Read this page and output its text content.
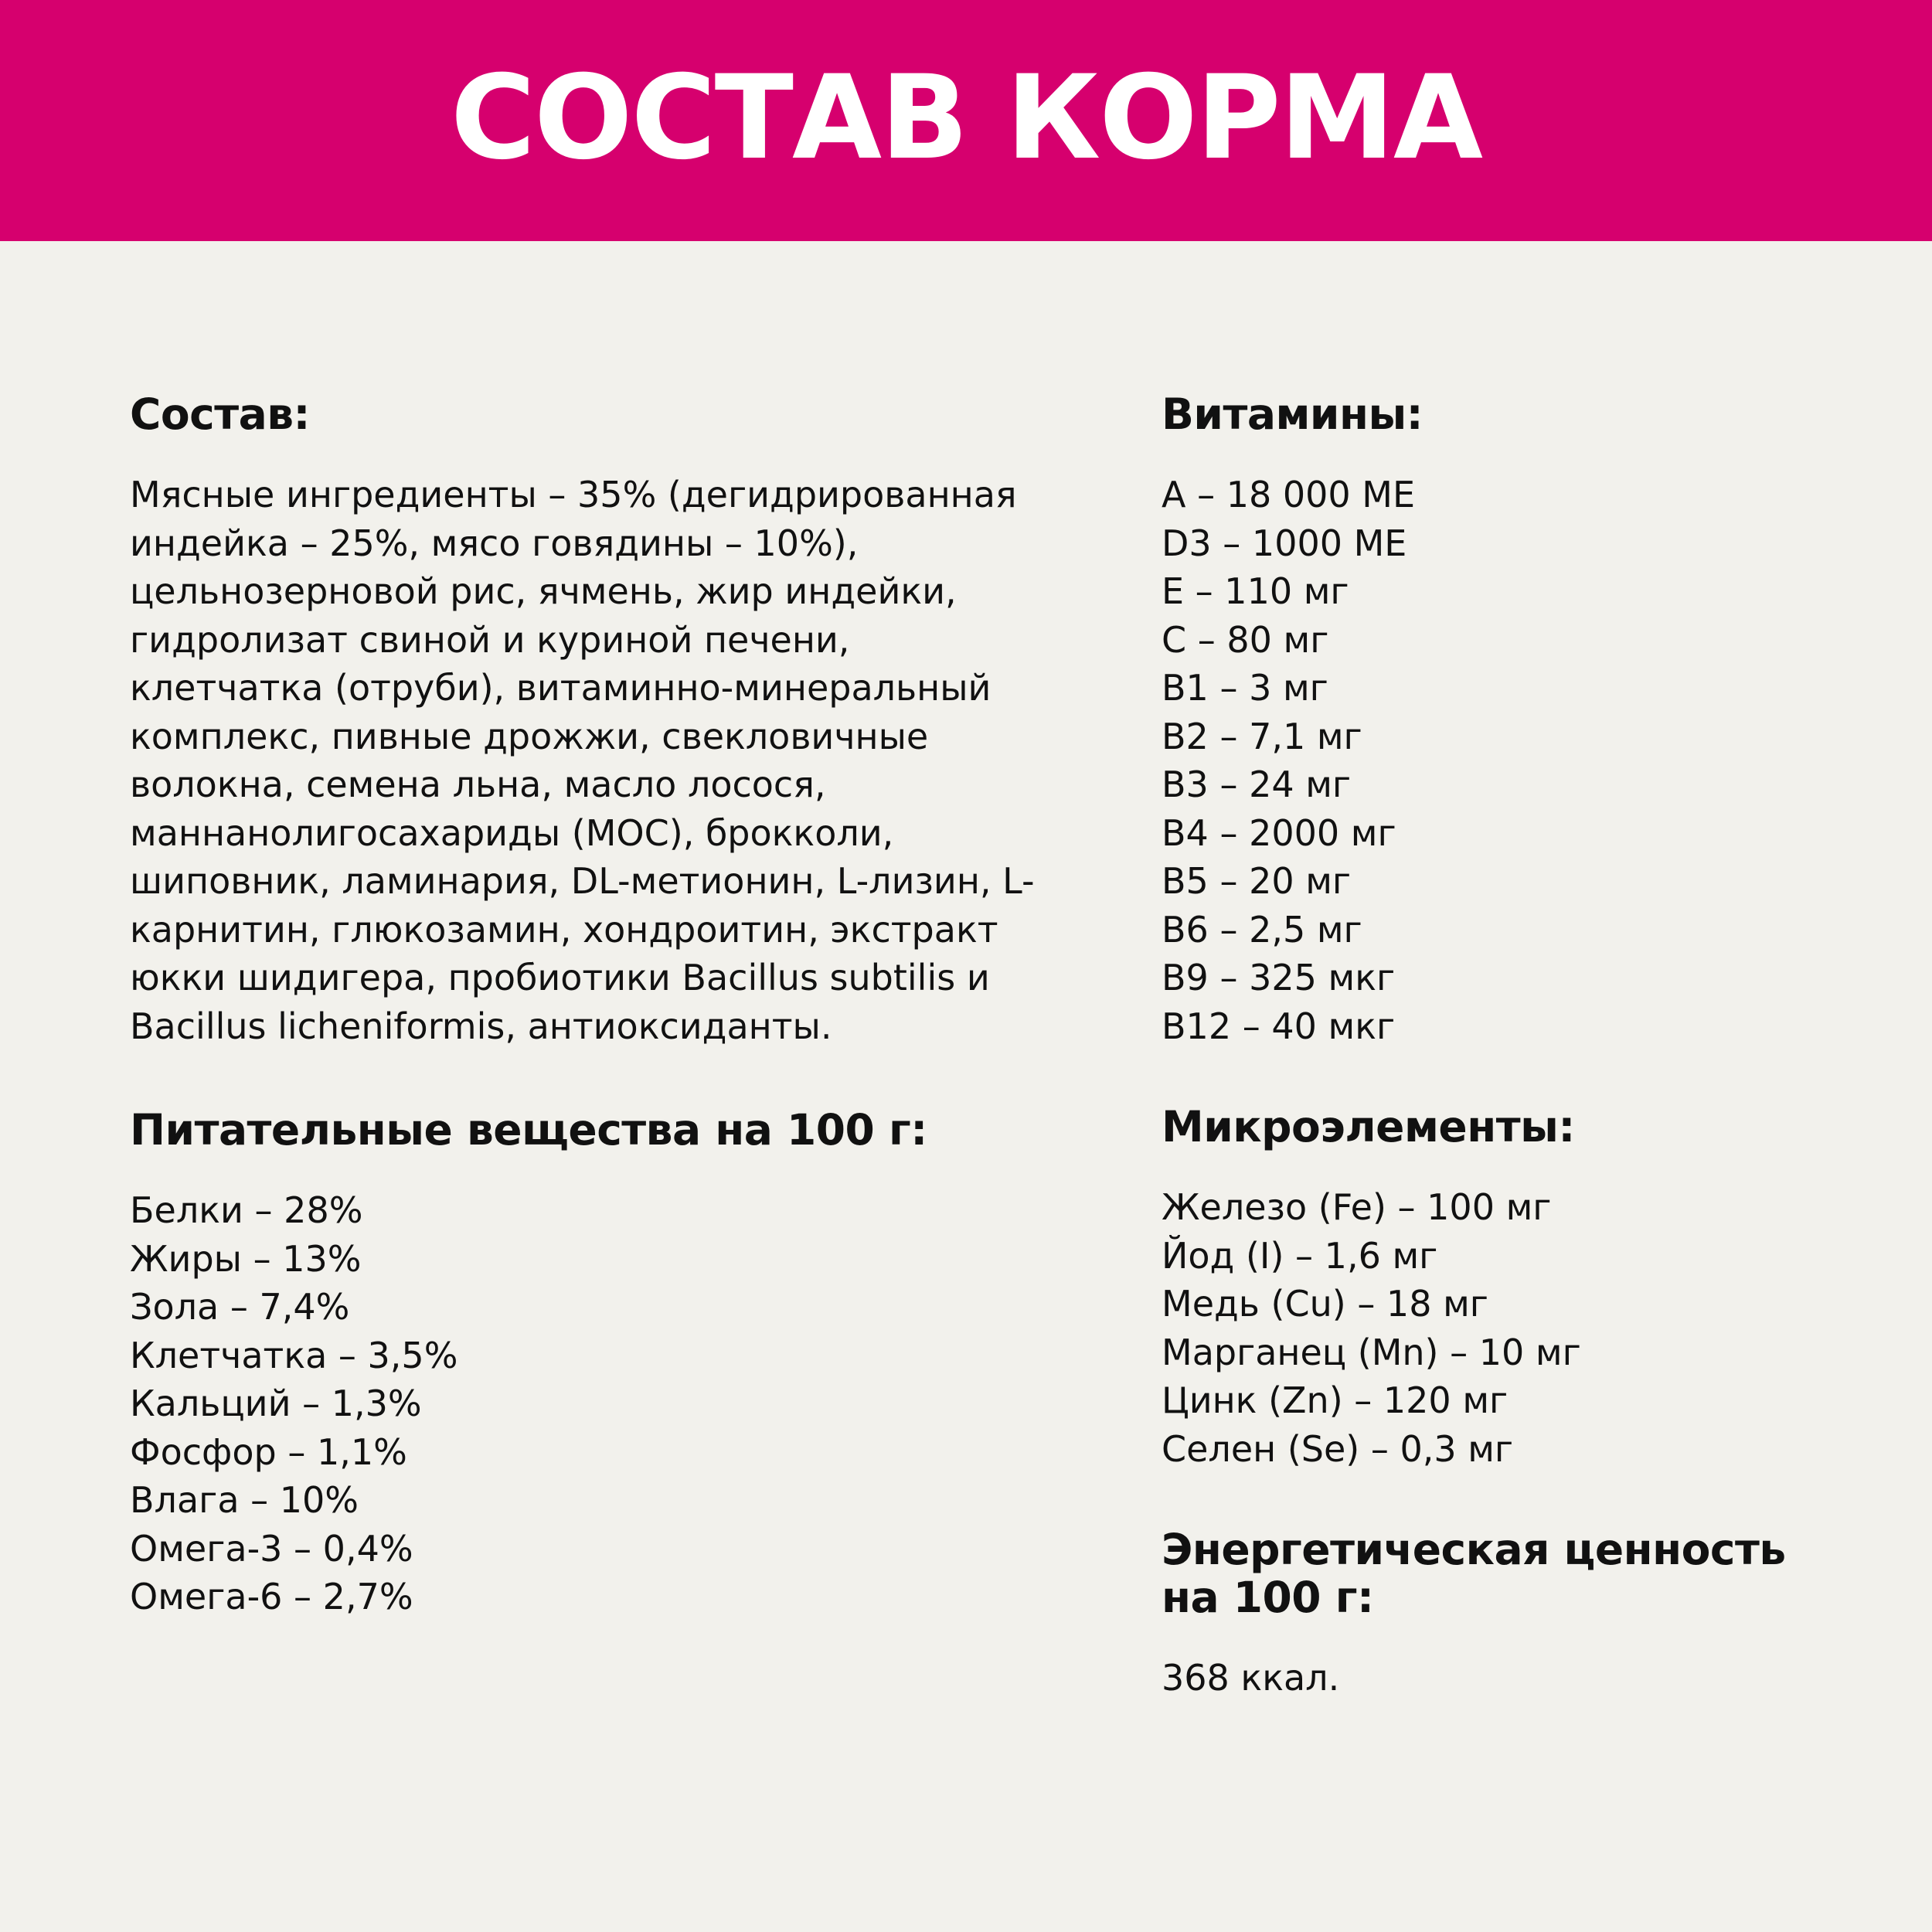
СОСТАВ КОРМА
Состав:

Мясные ингредиенты – 35% (дегидрированная индейка – 25%, мясо говядины – 10%), цельнозерновой рис, ячмень, жир индейки, гидролизат свиной и куриной печени, клетчатка (отруби), витаминно-минеральный комплекс, пивные дрожжи, свекловичные волокна, семена льна, масло лосося, маннанолигосахариды (МОС), брокколи, шиповник, ламинария, DL-метионин, L-лизин, L-карнитин, глюкозамин, хондроитин, экстракт юкки шидигера, пробиотики Bacillus subtilis и Bacillus licheniformis, антиоксиданты.

Питательные вещества на 100 г:
Белки – 28%
Жиры – 13%
Зола – 7,4%
Клетчатка – 3,5%
Кальций – 1,3%
Фосфор – 1,1%
Влага – 10%
Омега-3 – 0,4%
Омега-6 – 2,7%
Витамины:
A – 18 000 МЕ
D3 – 1000 МЕ
E – 110 мг
C – 80 мг
B1 – 3 мг
B2 – 7,1 мг
B3 – 24 мг
B4 – 2000 мг
B5 – 20 мг
B6 – 2,5 мг
B9 – 325 мкг
B12 – 40 мкг
Микроэлементы:
Железо (Fe) – 100 мг
Йод (I) – 1,6 мг
Медь (Cu) – 18 мг
Марганец (Mn) – 10 мг
Цинк (Zn) – 120 мг
Селен (Se) – 0,3 мг
Энергетическая ценность на 100 г:

368 ккал.
